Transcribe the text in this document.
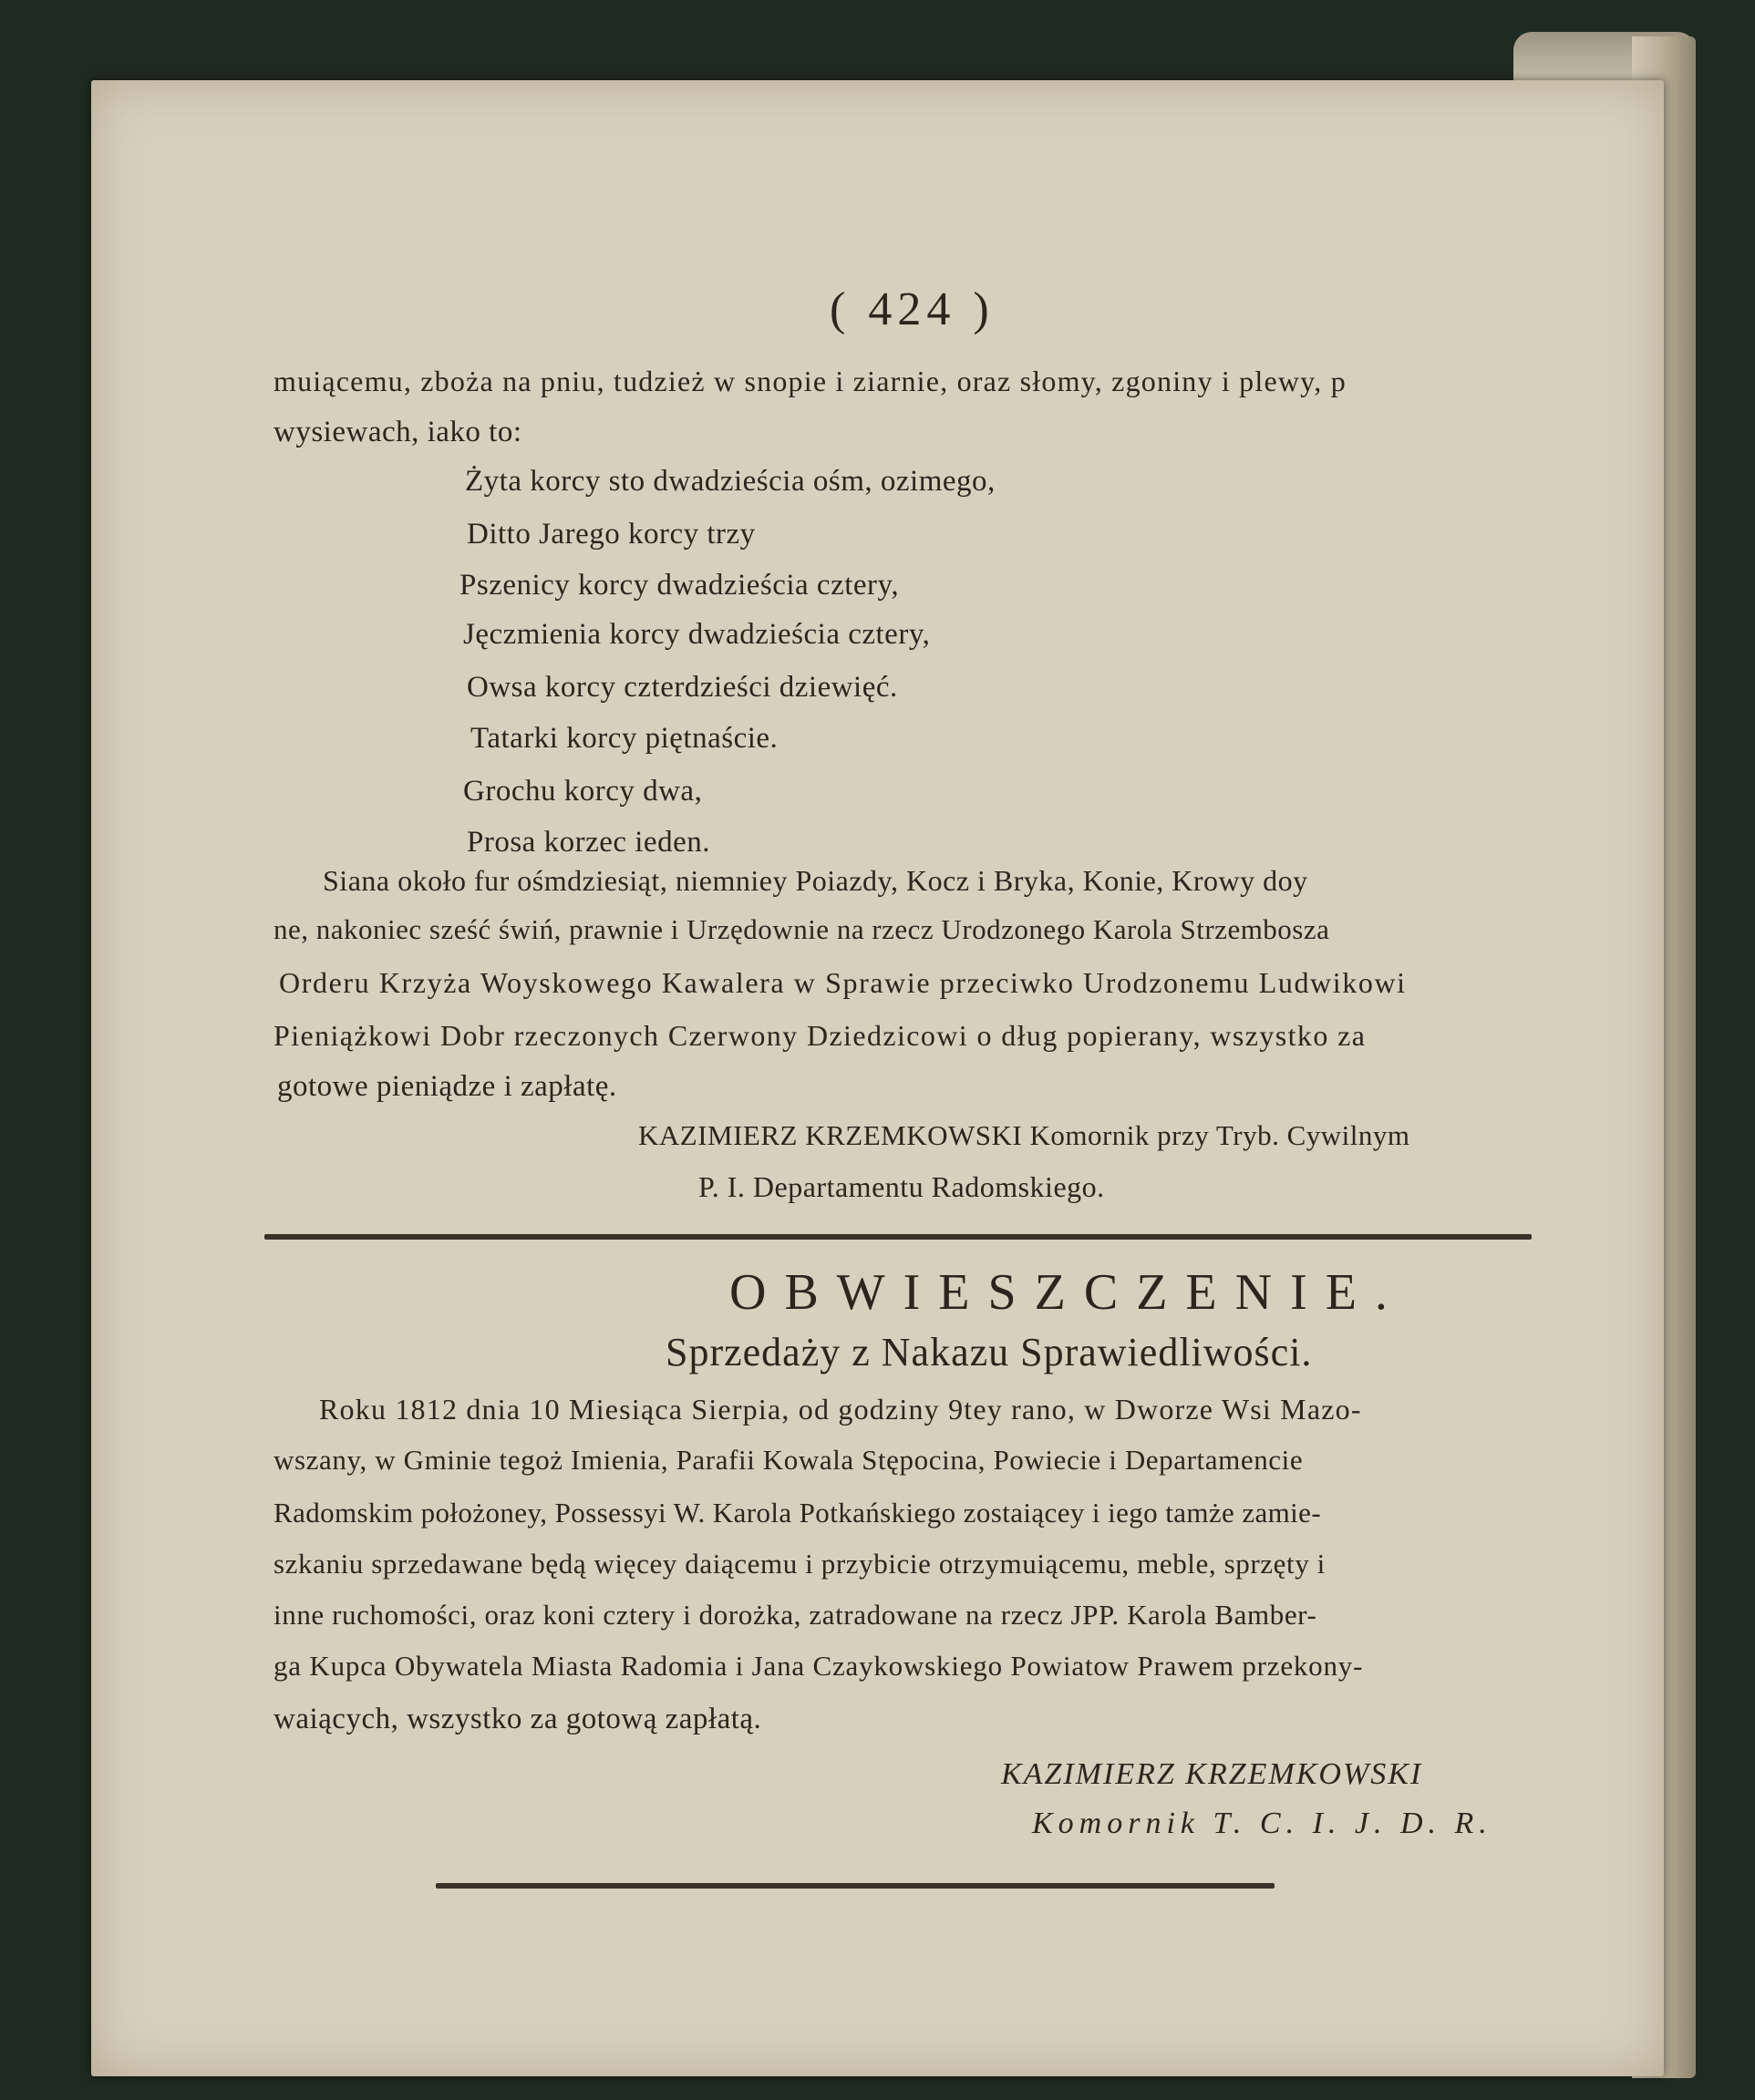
( 424 )
muiącemu, zboża na pniu, tudzież w snopie i ziarnie, oraz słomy, zgoniny i plewy, p
wysiewach, iako to:
Żyta korcy sto dwadzieścia ośm, ozimego,
Ditto Jarego korcy trzy
Pszenicy korcy dwadzieścia cztery,
Jęczmienia korcy dwadzieścia cztery,
Owsa korcy czterdzieści dziewięć.
Tatarki korcy piętnaście.
Grochu korcy dwa,
Prosa korzec ieden.
Siana około fur ośmdziesiąt, niemniey Poiazdy, Kocz i Bryka, Konie, Krowy doy
ne, nakoniec sześć świń, prawnie i Urzędownie na rzecz Urodzonego Karola Strzembosza
Orderu Krzyża Woyskowego Kawalera w Sprawie przeciwko Urodzonemu Ludwikowi
Pieniążkowi Dobr rzeczonych Czerwony Dziedzicowi o dług popierany, wszystko za
gotowe pieniądze i zapłatę.
KAZIMIERZ KRZEMKOWSKI Komornik przy Tryb. Cywilnym
P. I. Departamentu Radomskiego.
OBWIESZCZENIE.
Sprzedaży z Nakazu Sprawiedliwości.
Roku 1812 dnia 10 Miesiąca Sierpia, od godziny 9tey rano, w Dworze Wsi Mazo-
wszany, w Gminie tegoż Imienia, Parafii Kowala Stępocina, Powiecie i Departamencie
Radomskim położoney, Possessyi W. Karola Potkańskiego zostaiącey i iego tamże zamie-
szkaniu sprzedawane będą więcey daiącemu i przybicie otrzymuiącemu, meble, sprzęty i
inne ruchomości, oraz koni cztery i dorożka, zatradowane na rzecz JPP. Karola Bamber-
ga Kupca Obywatela Miasta Radomia i Jana Czaykowskiego Powiatow Prawem przekony-
waiących, wszystko za gotową zapłatą.
KAZIMIERZ KRZEMKOWSKI
Komornik T. C. I. J. D. R.
